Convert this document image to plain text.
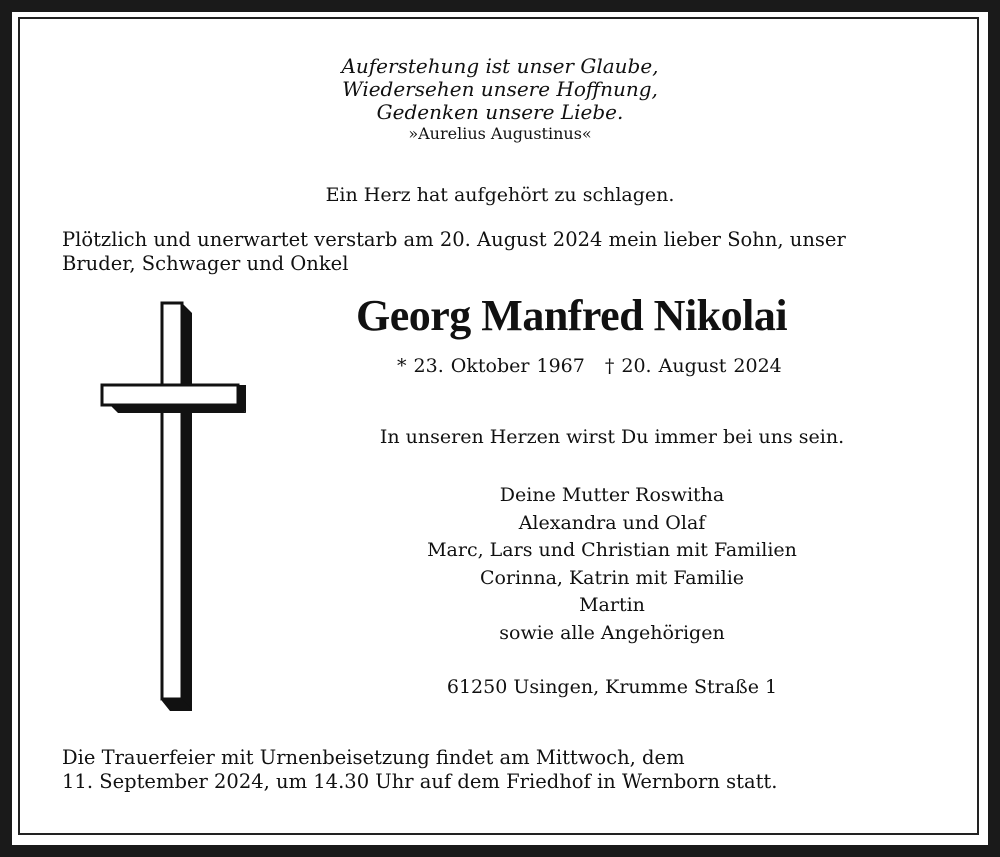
Auferstehung ist unser Glaube,
Wiedersehen unsere Hoffnung,
Gedenken unsere Liebe.
»Aurelius Augustinus«
Ein Herz hat aufgehört zu schlagen.
Plötzlich und unerwartet verstarb am 20. August 2024 mein lieber Sohn, unser
Bruder, Schwager und Onkel
Georg Manfred Nikolai
* 23. Oktober 1967 † 20. August 2024
In unseren Herzen wirst Du immer bei uns sein.
Deine Mutter Roswitha
Alexandra und Olaf
Marc, Lars und Christian mit Familien
Corinna, Katrin mit Familie
Martin
sowie alle Angehörigen
61250 Usingen, Krumme Straße 1
Die Trauerfeier mit Urnenbeisetzung findet am Mittwoch, dem
11. September 2024, um 14.30 Uhr auf dem Friedhof in Wernborn statt.
